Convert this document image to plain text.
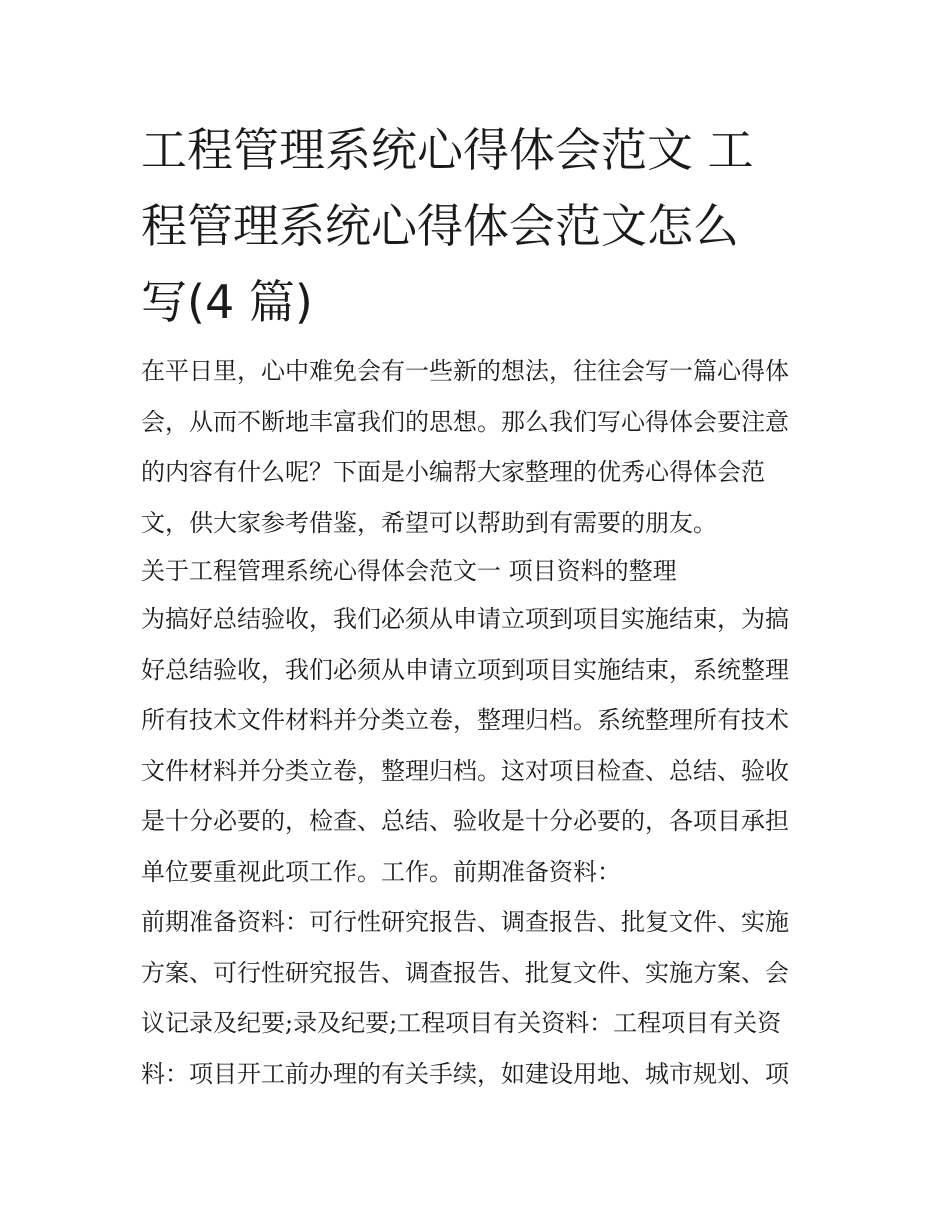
工程管理系统心得体会范文 工
程管理系统心得体会范文怎么
写(4 篇)
在平日里，心中难免会有一些新的想法，往往会写一篇心得体
会，从而不断地丰富我们的思想。那么我们写心得体会要注意
的内容有什么呢？下面是小编帮大家整理的优秀心得体会范
文，供大家参考借鉴，希望可以帮助到有需要的朋友。
关于工程管理系统心得体会范文一 项目资料的整理
为搞好总结验收，我们必须从申请立项到项目实施结束，为搞
好总结验收，我们必须从申请立项到项目实施结束，系统整理
所有技术文件材料并分类立卷，整理归档。系统整理所有技术
文件材料并分类立卷，整理归档。这对项目检查、总结、验收
是十分必要的，检查、总结、验收是十分必要的，各项目承担
单位要重视此项工作。工作。前期准备资料：
前期准备资料：可行性研究报告、调查报告、批复文件、实施
方案、可行性研究报告、调查报告、批复文件、实施方案、会
议记录及纪要;录及纪要;工程项目有关资料：工程项目有关资
料：项目开工前办理的有关手续，如建设用地、城市规划、项
